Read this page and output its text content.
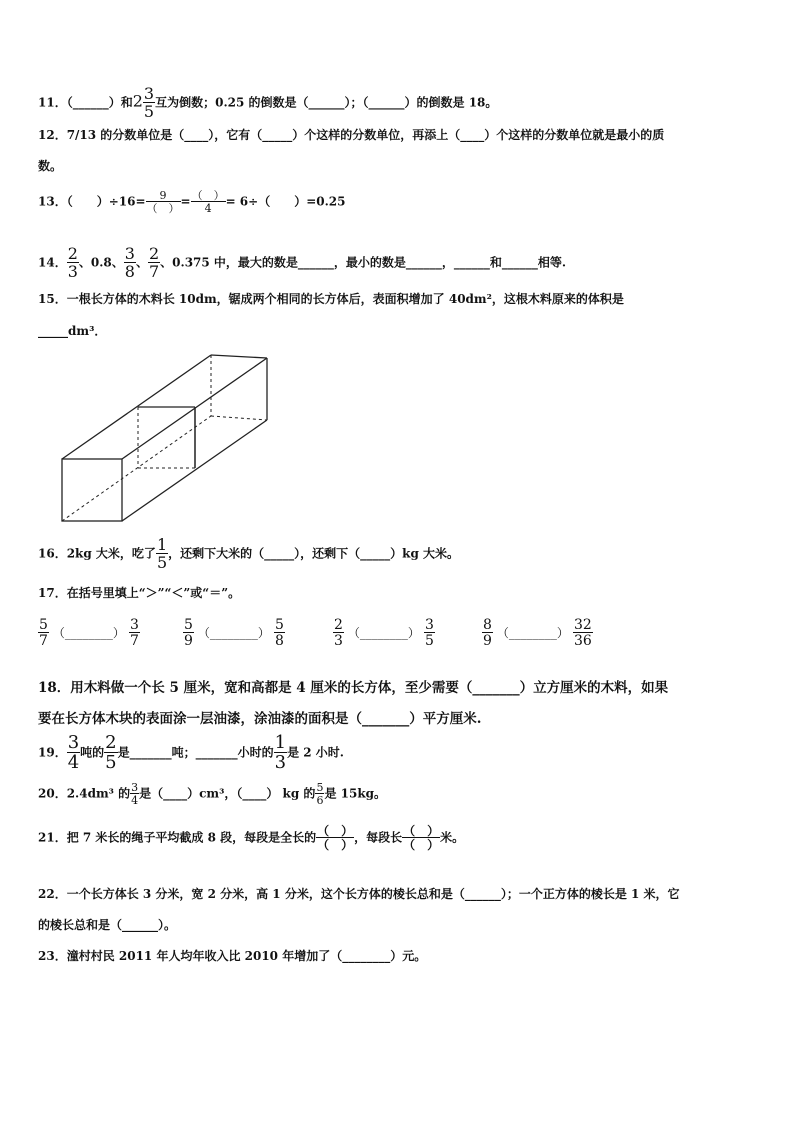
11．（______）和$2 \frac{3}{5}$ 互为倒数；0.25 的倒数是（______）；（______）的倒数是 18。
12．7/13 的分数单位是（____），它有（_____）个这样的分数单位，再添上（____）个这样的分数单位就是最小的质
数。
13．（　　）$\div 16= \frac{9}{( )} = \frac{( )}{4} = 6\div$（　　）=0.25
14． $\frac{2}{3}$ 、0.8、 $\frac{3}{8}$ 、 $\frac{2}{7}$ 、0.375 中，最大的数是______，最小的数是______，______和______相等.
15．一根长方体的木料长 10dm，锯成两个相同的长方体后，表面积增加了 40dm²，这根木料原来的体积是
_____dm³．
16．2kg 大米，吃了 $\frac{1}{5}$ ，还剩下大米的（_____），还剩下（_____）kg 大米。
17．在括号里填上“＞”“＜”或“＝”。
$\frac{5}{7}$ （________） $\frac{3}{7}$	$\frac{5}{9}$ （________） $\frac{5}{8}$	$\frac{2}{3}$ （________） $\frac{3}{5}$	$\frac{8}{9}$ （________） $\frac{32}{36}$
18．用木料做一个长 5 厘米，宽和高都是 4 厘米的长方体，至少需要（_______）立方厘米的木料，如果
要在长方体木块的表面涂一层油漆，涂油漆的面积是（_______）平方厘米.
19． $\frac{3}{4}$ 吨的 $\frac{2}{5}$ 是_______吨；_______小时的 $\frac{1}{3}$ 是 2 小时.
20．2.4dm³ 的 $\frac{3}{4}$ 是（____）cm³，（____） kg 的 $\frac{5}{6}$ 是 15kg。
21．把 7 米长的绳子平均截成 8 段，每段是全长的 $\frac{( )}{( )}$ ，每段长 $\frac{( )}{( )}$ 米。
22．一个长方体长 3 分米，宽 2 分米，高 1 分米，这个长方体的棱长总和是（______）；一个正方体的棱长是 1 米，它
的棱长总和是（______）。
23．潼村村民 2011 年人均年收入比 2010 年增加了（________）元。
